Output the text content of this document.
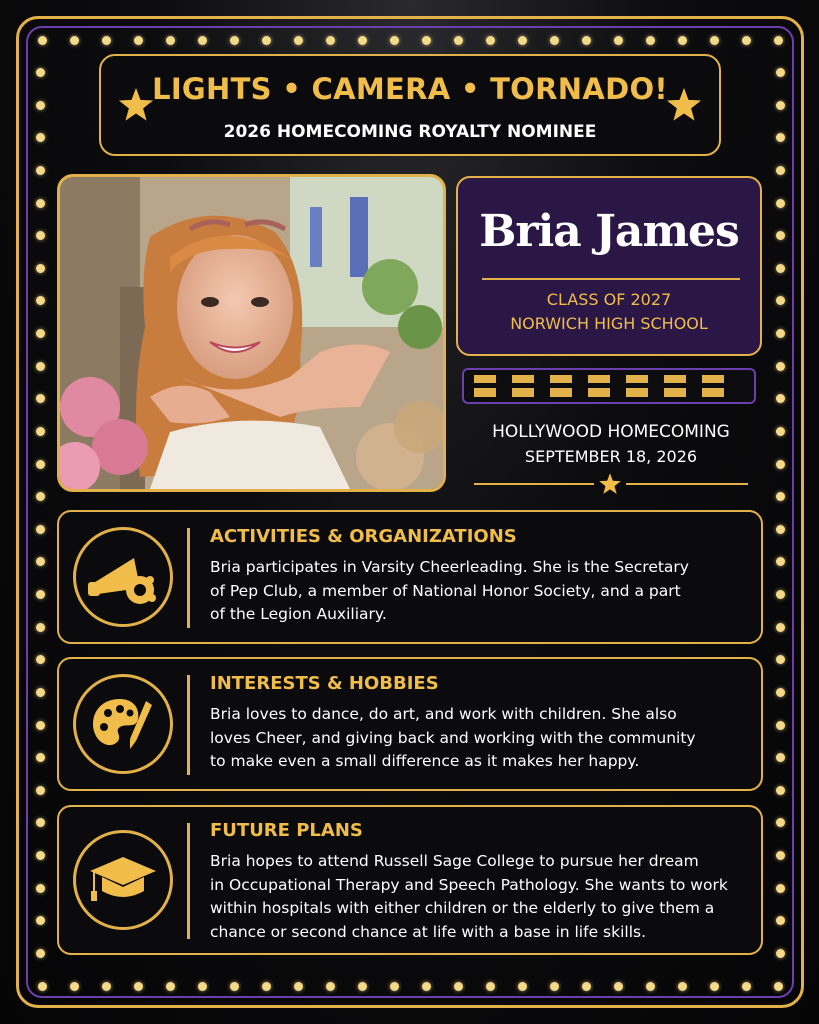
LIGHTS • CAMERA • TORNADO!
2026 HOMECOMING ROYALTY NOMINEE
Bria James
CLASS OF 2027
NORWICH HIGH SCHOOL
HOLLYWOOD HOMECOMING
SEPTEMBER 18, 2026
ACTIVITIES & ORGANIZATIONS
Bria participates in Varsity Cheerleading. She is the Secretary
of Pep Club, a member of National Honor Society, and a part
of the Legion Auxiliary.
INTERESTS & HOBBIES
Bria loves to dance, do art, and work with children. She also
loves Cheer, and giving back and working with the community
to make even a small difference as it makes her happy.
FUTURE PLANS
Bria hopes to attend Russell Sage College to pursue her dream
in Occupational Therapy and Speech Pathology. She wants to work
within hospitals with either children or the elderly to give them a
chance or second chance at life with a base in life skills.
